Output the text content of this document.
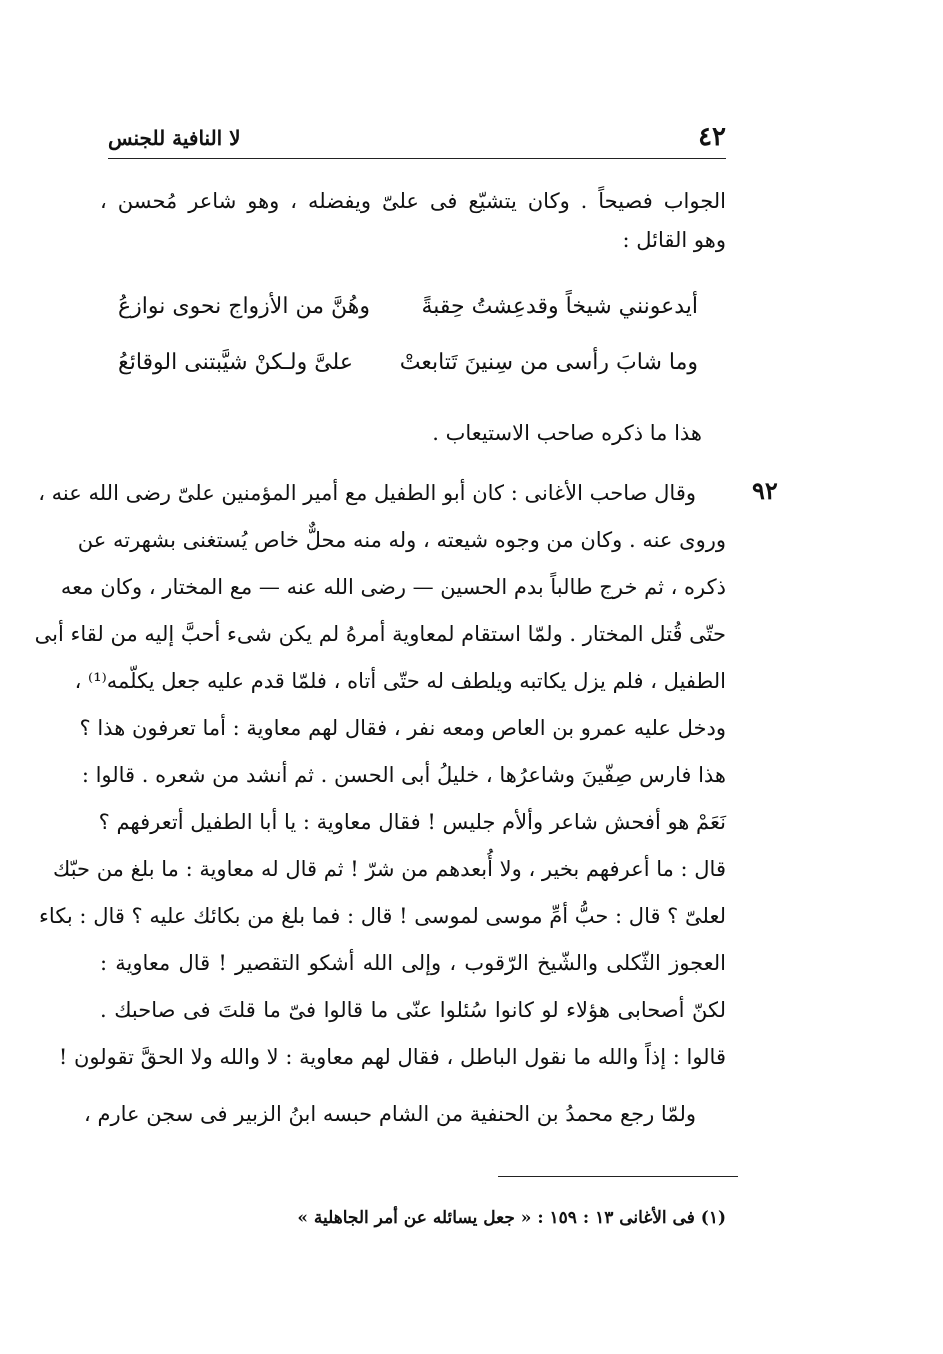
لا النافية للجنس	٤٢
الجواب فصيحاً . وكان يتشيّع فى علىّ ويفضله ، وهو شاعر مُحسن ،
وهو القائل :
أيدعونني شيخاً وقدعِشتُ حِقبةً
وهُنَّ من الأزواج نحوى نوازعُ
وما شابَ رأسى من سِنينَ تَتابعتْ
علىَّ ولـكنْ شيَّبتنى الوقائعُ
هذا ما ذكره صاحب الاستيعاب .
٩٢
وقال صاحب الأغانى : كان أبو الطفيل مع أمير المؤمنين علىّ رضى الله عنه ،
وروى عنه . وكان من وجوه شيعته ، وله منه محلٌّ خاص يُستغنى بشهرته عن
ذكره ، ثم خرج طالباً بدم الحسين — رضى الله عنه — مع المختار ، وكان معه
حتّى قُتل المختار . ولمّا استقام لمعاوية أمرهُ لم يكن شىء أحبَّ إليه من لقاء أبى
الطفيل ، فلم يزل يكاتبه ويلطف له حتّى أتاه ، فلمّا قدم عليه جعل يكلّمه⁽¹⁾ ،
ودخل عليه عمرو بن العاص ومعه نفر ، فقال لهم معاوية : أما تعرفون هذا ؟
هذا فارس صِفّينَ وشاعرُها ، خليلُ أبى الحسن . ثم أنشد من شعره . قالوا :
نَعَمْ هو أفحش شاعر وألأم جليس ! فقال معاوية : يا أبا الطفيل أتعرفهم ؟
قال : ما أعرفهم بخير ، ولا أُبعدهم من شرّ ! ثم قال له معاوية : ما بلغ من حبّك
لعلىّ ؟ قال : حبُّ أمِّ موسى لموسى ! قال : فما بلغ من بكائك عليه ؟ قال : بكاء
العجوز الثّكلى والشّيخ الرّقوب ، وإلى الله أشكو التقصير ! قال معاوية :
لكنّ أصحابى هؤلاء لو كانوا سُئلوا عنّى ما قالوا فىّ ما قلتَ فى صاحبك .
قالوا : إذاً والله ما نقول الباطل ، فقال لهم معاوية : لا والله ولا الحقَّ تقولون !
ولمّا رجع محمدُ بن الحنفية من الشام حبسه ابنُ الزبير فى سجن عارم ،
(١) فى الأغانى ١٣ : ١٥٩ : « جعل يسائله عن أمر الجاهلية »
